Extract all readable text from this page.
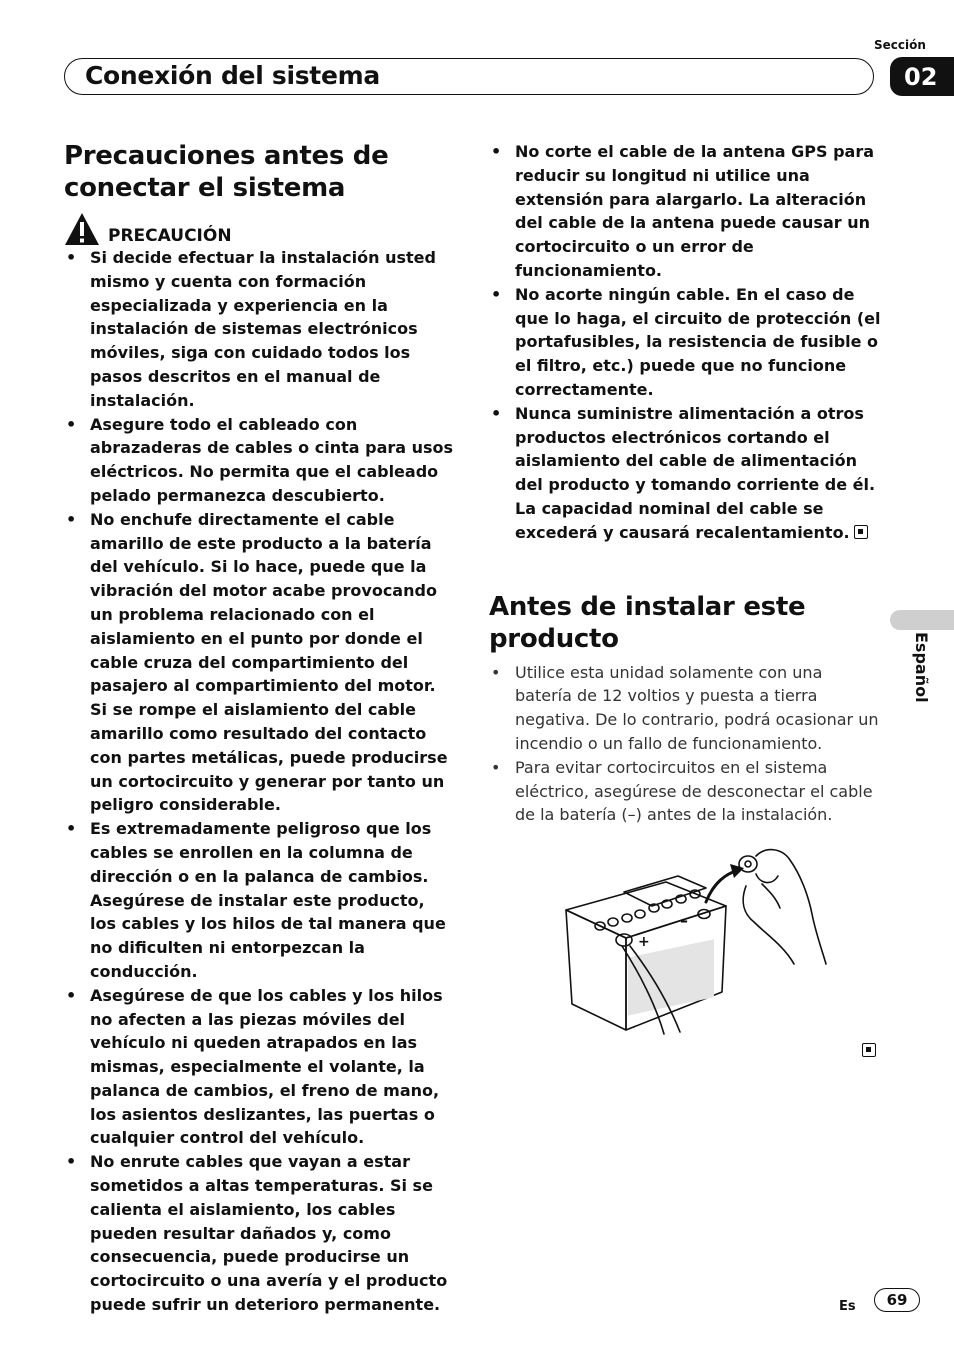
Sección
Conexión del sistema	02
Español
Precauciones antes de conectar el sistema
PRECAUCIÓN
• Si decide efectuar la instalación usted mismo y cuenta con formación especializada y experiencia en la instalación de sistemas electrónicos móviles, siga con cuidado todos los pasos descritos en el manual de instalación.
• Asegure todo el cableado con abrazaderas de cables o cinta para usos eléctricos. No permita que el cableado pelado permanezca descubierto.
• No enchufe directamente el cable amarillo de este producto a la batería del vehículo. Si lo hace, puede que la vibración del motor acabe provocando un problema relacionado con el aislamiento en el punto por donde el cable cruza del compartimiento del pasajero al compartimiento del motor. Si se rompe el aislamiento del cable amarillo como resultado del contacto con partes metálicas, puede producirse un cortocircuito y generar por tanto un peligro considerable.
• Es extremadamente peligroso que los cables se enrollen en la columna de dirección o en la palanca de cambios. Asegúrese de instalar este producto, los cables y los hilos de tal manera que no dificulten ni entorpezcan la conducción.
• Asegúrese de que los cables y los hilos no afecten a las piezas móviles del vehículo ni queden atrapados en las mismas, especialmente el volante, la palanca de cambios, el freno de mano, los asientos deslizantes, las puertas o cualquier control del vehículo.
• No enrute cables que vayan a estar sometidos a altas temperaturas. Si se calienta el aislamiento, los cables pueden resultar dañados y, como consecuencia, puede producirse un cortocircuito o una avería y el producto puede sufrir un deterioro permanente.
• No corte el cable de la antena GPS para reducir su longitud ni utilice una extensión para alargarlo. La alteración del cable de la antena puede causar un cortocircuito o un error de funcionamiento.
• No acorte ningún cable. En el caso de que lo haga, el circuito de protección (el portafusibles, la resistencia de fusible o el filtro, etc.) puede que no funcione correctamente.
• Nunca suministre alimentación a otros productos electrónicos cortando el aislamiento del cable de alimentación del producto y tomando corriente de él. La capacidad nominal del cable se excederá y causará recalentamiento.
Antes de instalar este producto
• Utilice esta unidad solamente con una batería de 12 voltios y puesta a tierra negativa. De lo contrario, podrá ocasionar un incendio o un fallo de funcionamiento.
• Para evitar cortocircuitos en el sistema eléctrico, asegúrese de desconectar el cable de la batería (–) antes de la instalación.
+
–
Es	69
